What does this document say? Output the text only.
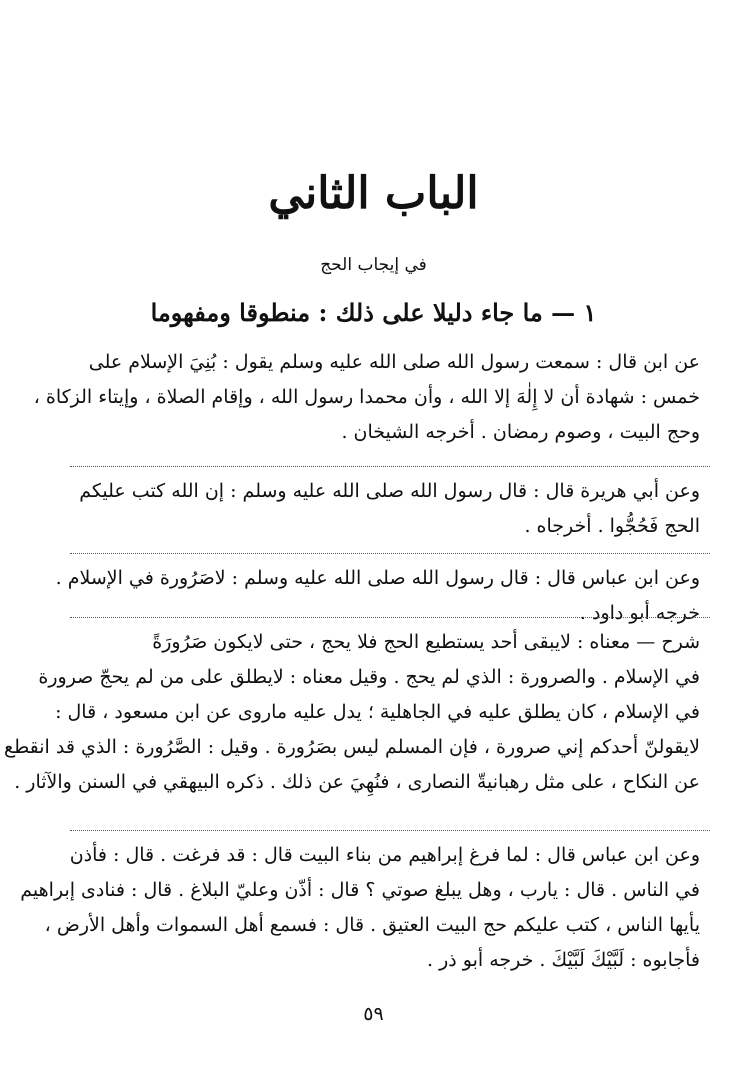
الباب الثاني
في إيجاب الحج
١ — ما جاء دليلا على ذلك : منطوقا ومفهوما
عن ابن قال : سمعت رسول الله صلى الله عليه وسلم يقول : بُنِيَ الإسلام على
خمس : شهادة أن لا إِلٰهَ إلا الله ، وأن محمدا رسول الله ، وإقام الصلاة ، وإيتاء الزكاة ،
وحج البيت ، وصوم رمضان . أخرجه الشيخان .
وعن أبي هريرة قال : قال رسول الله صلى الله عليه وسلم : إن الله كتب عليكم
الحج فَحُجُّوا . أخرجاه .
وعن ابن عباس قال : قال رسول الله صلى الله عليه وسلم : لاصَرُورة في الإسلام .
خرجه أبو داود .
شرح — معناه : لايبقى أحد يستطيع الحج فلا يحج ، حتى لايكون صَرُورَةً
في الإسلام . والصرورة : الذي لم يحج . وقيل معناه : لايطلق على من لم يحجّ صرورة
في الإسلام ، كان يطلق عليه في الجاهلية ؛ يدل عليه ماروى عن ابن مسعود ، قال :
لايقولنّ أحدكم إني صرورة ، فإن المسلم ليس بصَرُورة . وقيل : الصَّرُورة : الذي قد انقطع
عن النكاح ، على مثل رهبانيةّ النصارى ، فنُهِيَ عن ذلك . ذكره البيهقي في السنن والآثار .
وعن ابن عباس قال : لما فرغ إبراهيم من بناء البيت قال : قد فرغت . قال : فأذن
في الناس . قال : يارب ، وهل يبلغ صوتي ؟ قال : أذّن وعليّ البلاغ . قال : فنادى إبراهيم
يأيها الناس ، كتب عليكم حج البيت العتيق . قال : فسمع أهل السموات وأهل الأرض ،
فأجابوه : لَبَّيْكَ لَبَّيْكَ . خرجه أبو ذر .
٥٩
